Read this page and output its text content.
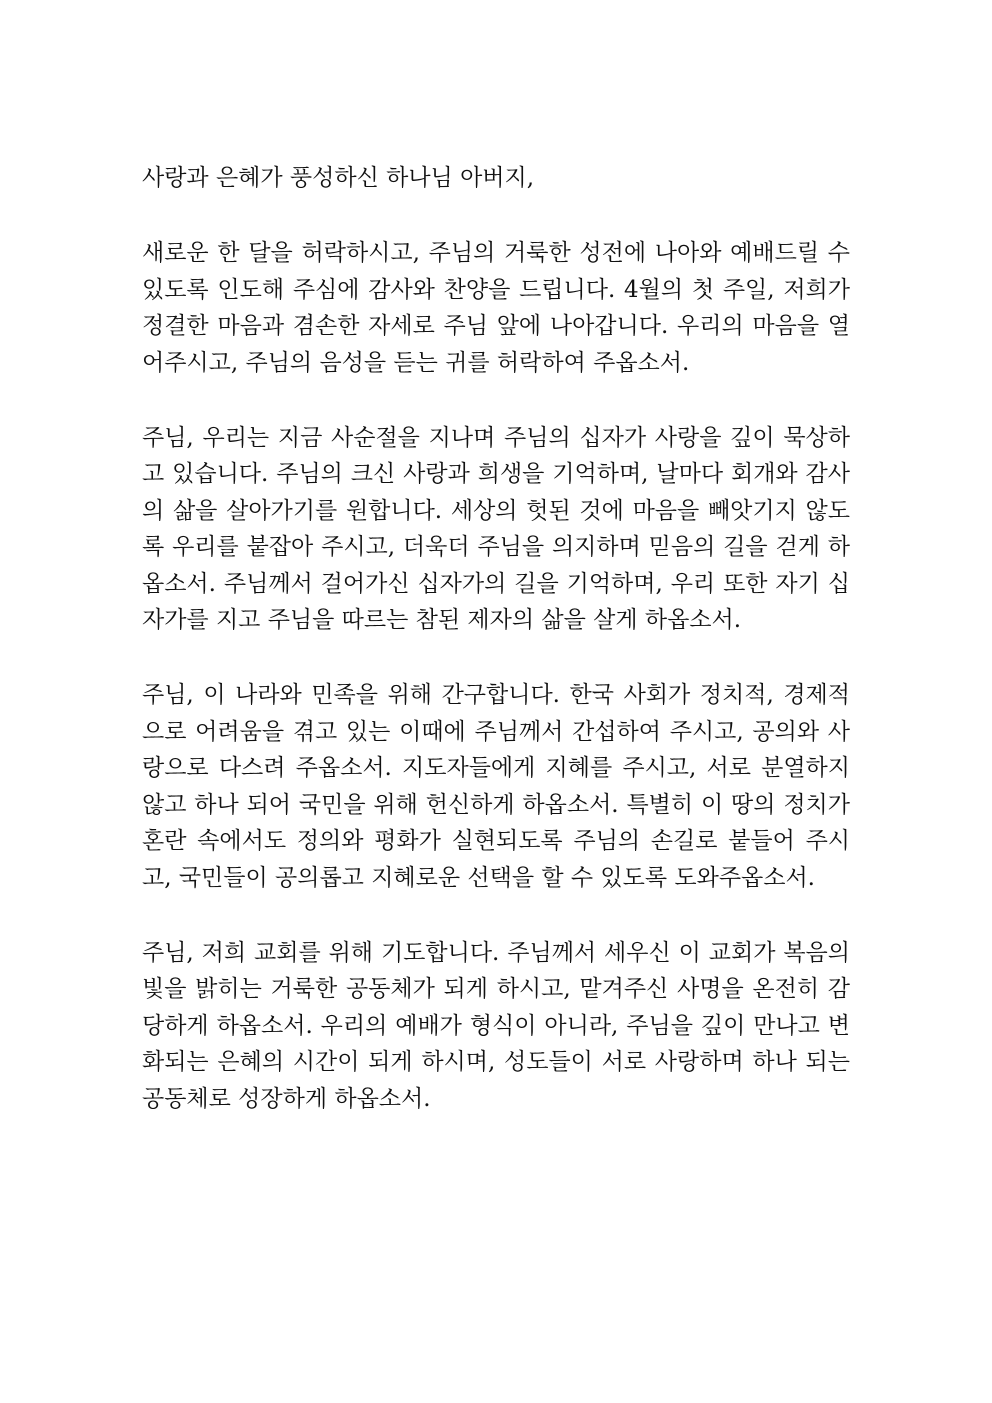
사랑과 은혜가 풍성하신 하나님 아버지,

새로운 한 달을 허락하시고, 주님의 거룩한 성전에 나아와 예배드릴 수 있도록 인도해 주심에 감사와 찬양을 드립니다. 4월의 첫 주일, 저희가 정결한 마음과 겸손한 자세로 주님 앞에 나아갑니다. 우리의 마음을 열어주시고, 주님의 음성을 듣는 귀를 허락하여 주옵소서.

주님, 우리는 지금 사순절을 지나며 주님의 십자가 사랑을 깊이 묵상하고 있습니다. 주님의 크신 사랑과 희생을 기억하며, 날마다 회개와 감사의 삶을 살아가기를 원합니다. 세상의 헛된 것에 마음을 빼앗기지 않도록 우리를 붙잡아 주시고, 더욱더 주님을 의지하며 믿음의 길을 걷게 하옵소서. 주님께서 걸어가신 십자가의 길을 기억하며, 우리 또한 자기 십자가를 지고 주님을 따르는 참된 제자의 삶을 살게 하옵소서.

주님, 이 나라와 민족을 위해 간구합니다. 한국 사회가 정치적, 경제적으로 어려움을 겪고 있는 이때에 주님께서 간섭하여 주시고, 공의와 사랑으로 다스려 주옵소서. 지도자들에게 지혜를 주시고, 서로 분열하지 않고 하나 되어 국민을 위해 헌신하게 하옵소서. 특별히 이 땅의 정치가 혼란 속에서도 정의와 평화가 실현되도록 주님의 손길로 붙들어 주시고, 국민들이 공의롭고 지혜로운 선택을 할 수 있도록 도와주옵소서.

주님, 저희 교회를 위해 기도합니다. 주님께서 세우신 이 교회가 복음의 빛을 밝히는 거룩한 공동체가 되게 하시고, 맡겨주신 사명을 온전히 감당하게 하옵소서. 우리의 예배가 형식이 아니라, 주님을 깊이 만나고 변화되는 은혜의 시간이 되게 하시며, 성도들이 서로 사랑하며 하나 되는 공동체로 성장하게 하옵소서.
